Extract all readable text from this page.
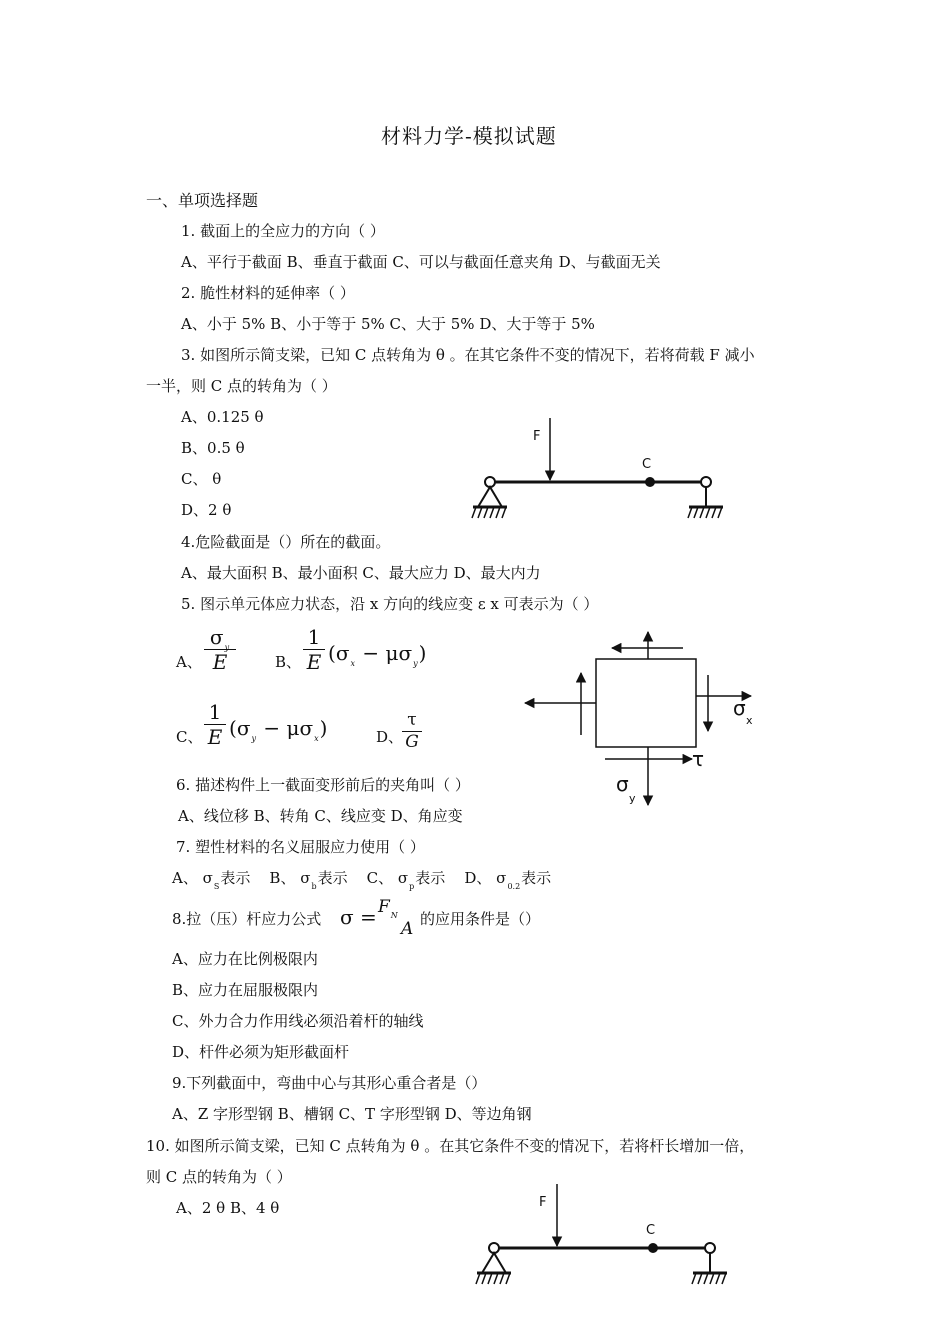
材料力学-模拟试题
一、单项选择题
1. 截面上的全应力的方向（ ）
A、平行于截面 B、垂直于截面 C、可以与截面任意夹角 D、与截面无关
2. 脆性材料的延伸率（ ）
A、小于 5% B、小于等于 5% C、大于 5% D、大于等于 5%
3. 如图所示简支梁，已知 C 点转角为 θ 。在其它条件不变的情况下，若将荷载 F 减小
一半，则 C 点的转角为（ ）
A、0.125 θ
B、0.5 θ
C、 θ
D、2 θ
F
C
4.危险截面是（）所在的截面。
A、最大面积 B、最小面积 C、最大应力 D、最大内力
5. 图示单元体应力状态，沿 x 方向的线应变 ε x 可表示为（ ）
A、
$\sigma_y$
E	B、
1
E $(\sigma_x - \mu\sigma_y)$
C、
1
E $(\sigma_y - \mu\sigma_x)$	D、
τ
G
σ
x
τ
σ
y
6. 描述构件上一截面变形前后的夹角叫（ ）
A、线位移 B、转角 C、线应变 D、角应变
7. 塑性材料的名义屈服应力使用（ ）
A、 $\sigma_S$表示 B、 $\sigma_b$表示 C、 $\sigma_p$表示 D、 $\sigma_{0.2}$表示
8.拉（压）杆应力公式 $\sigma = F_N$
A 的应用条件是（）
A、应力在比例极限内
B、应力在屈服极限内
C、外力合力作用线必须沿着杆的轴线
D、杆件必须为矩形截面杆
9.下列截面中，弯曲中心与其形心重合者是（）
A、Z 字形型钢 B、槽钢 C、T 字形型钢 D、等边角钢
10. 如图所示简支梁，已知 C 点转角为 θ 。在其它条件不变的情况下，若将杆长增加一倍，
则 C 点的转角为（ ）
A、2 θ B、4 θ	F
C
